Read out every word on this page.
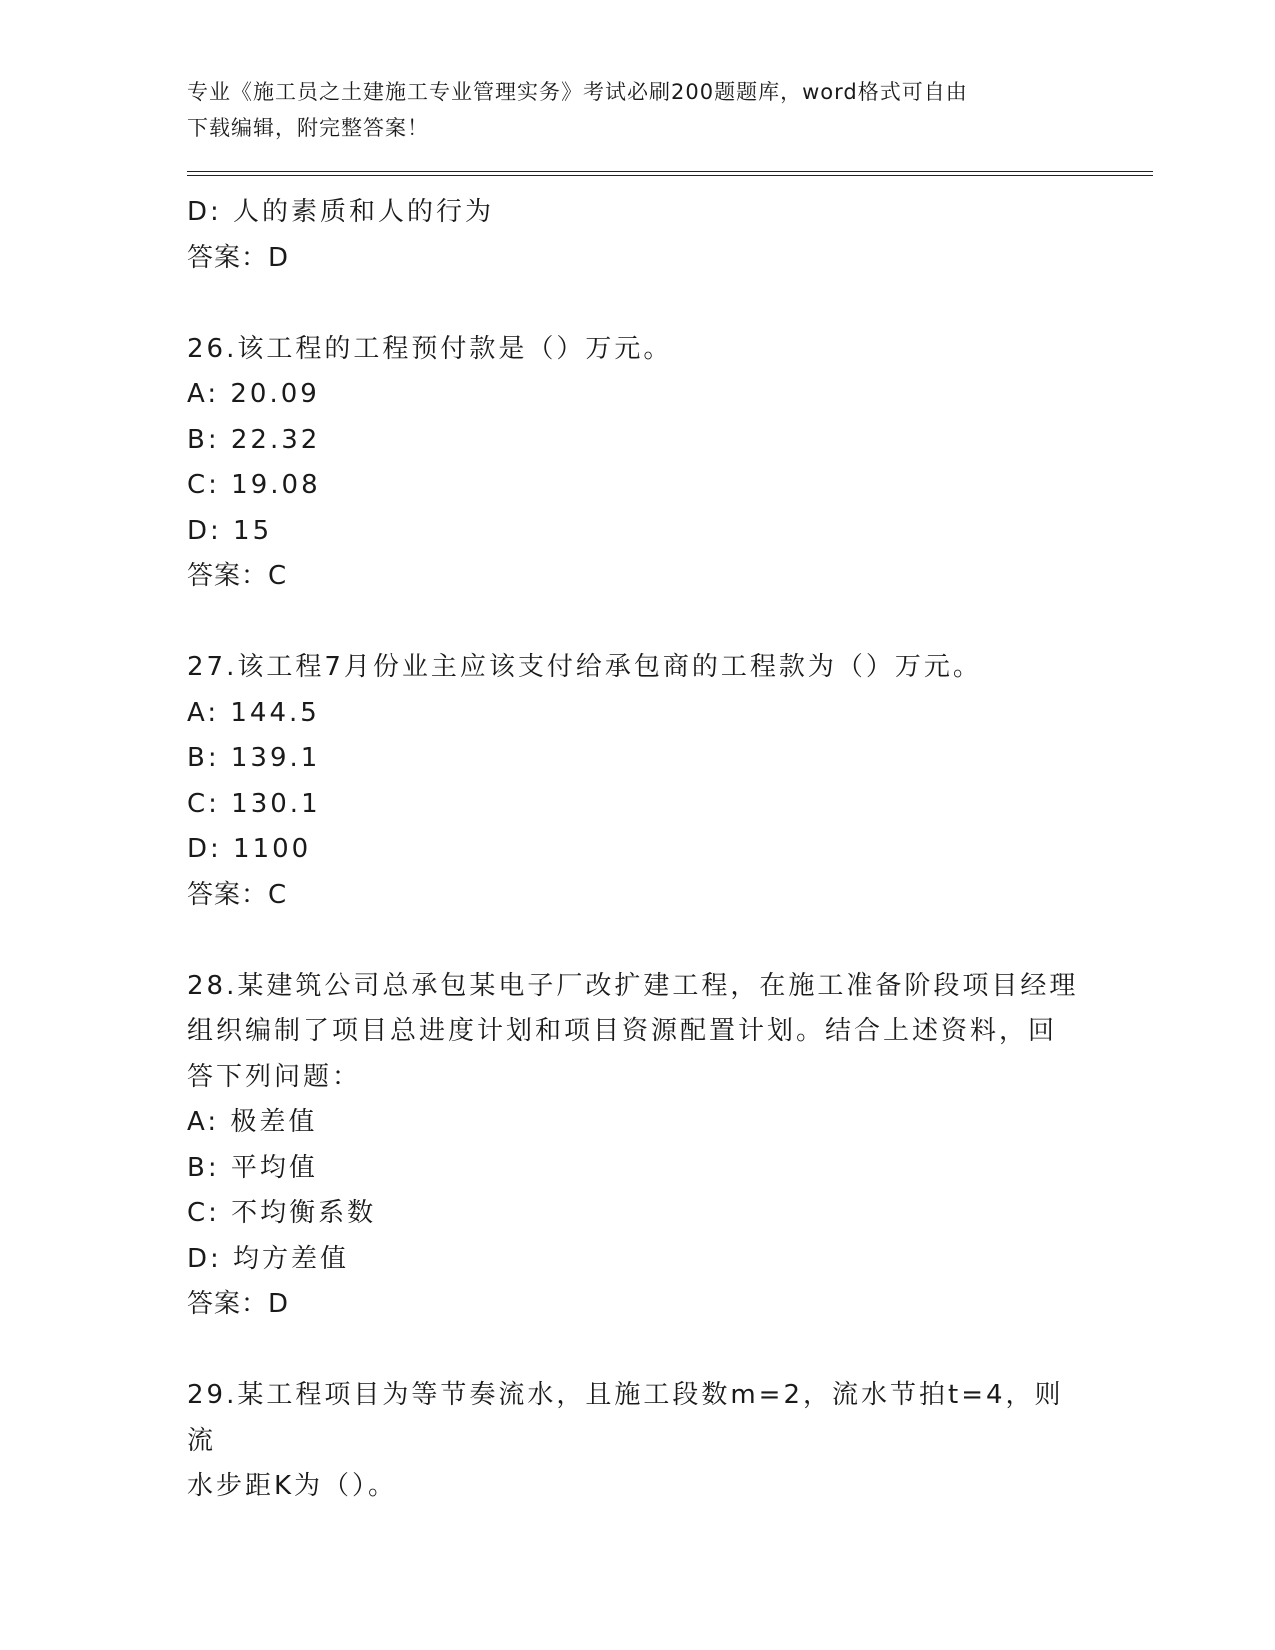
专业《施工员之土建施工专业管理实务》考试必刷200题题库，word格式可自由
下载编辑，附完整答案！
D: 人的素质和人的行为
答案：D
26.该工程的工程预付款是（）万元。
A: 20.09
B: 22.32
C: 19.08
D: 15
答案：C
27.该工程7月份业主应该支付给承包商的工程款为（）万元。
A: 144.5
B: 139.1
C: 130.1
D: 1100
答案：C
28.某建筑公司总承包某电子厂改扩建工程，在施工准备阶段项目经理
组织编制了项目总进度计划和项目资源配置计划。结合上述资料，回
答下列问题：
A: 极差值
B: 平均值
C: 不均衡系数
D: 均方差值
答案：D
29.某工程项目为等节奏流水，且施工段数m=2，流水节拍t=4，则流
水步距K为（）。
